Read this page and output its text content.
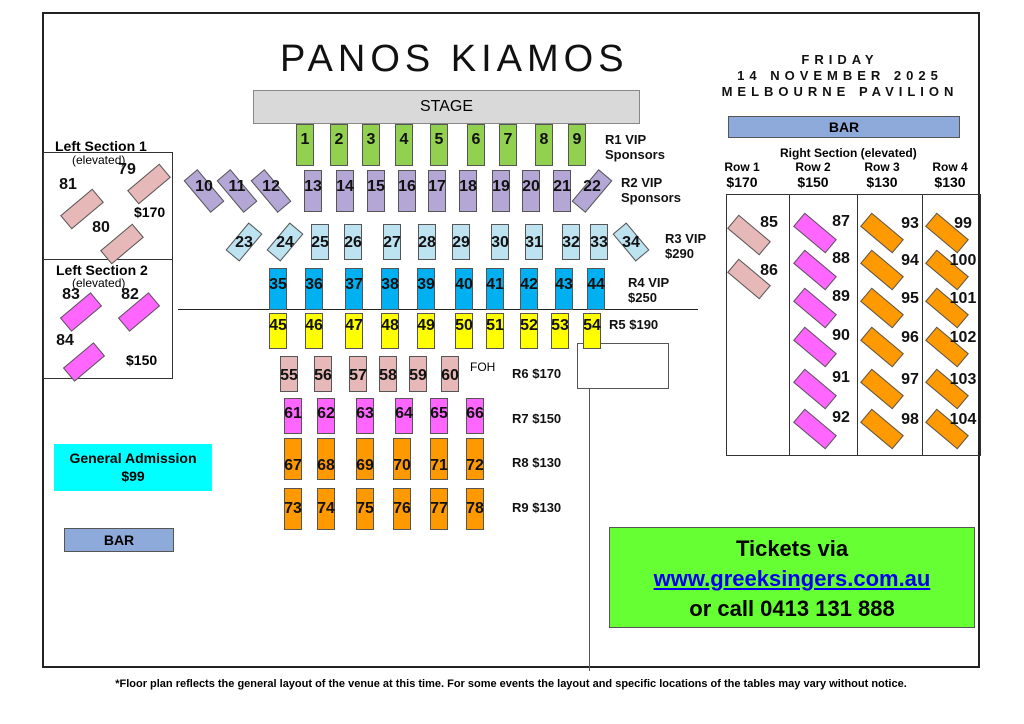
PANOS KIAMOS	FRIDAY
14 NOVEMBER 2025
MELBOURNE PAVILION
STAGE
BAR
BAR
Left Section 1
(elevated)
$170
Left Section 2
(elevated)
$150
Right Section (elevated)
Row 1
$170
Row 2
$150
Row 3
$130
Row 4
$130
FOH
R1 VIP
Sponsors
R2 VIP
Sponsors
R3 VIP
$290
R4 VIP
$250
R5 $190
R6 $170
R7 $150
R8 $130
R9 $130
General Admission
$99
Tickets via
www.greeksingers.com.au
or call 0413 131 888
*Floor plan reflects the general layout of the venue at this time. For some events the layout and specific locations of the tables may vary without notice.
1	2	3	4	5	6	7	8	9
10 11	12	13 14 15 16 17 18 19 20 21 22
23	24	25 26	27	28	29	30	31	32 33 34
35	36	37	38	39	40 41	42	43 44
45	46	47	48	49	50 51	52 53 54
55	56	57 58 59 60
61 62	63	64	65	66
67 68	69	70	71	72
73 74	75	76	77	78
79
80
81
82
83
84
85
86
87
88
89
90
91
92
93
94
95
96
97
98
99
100
101
102
103
104
